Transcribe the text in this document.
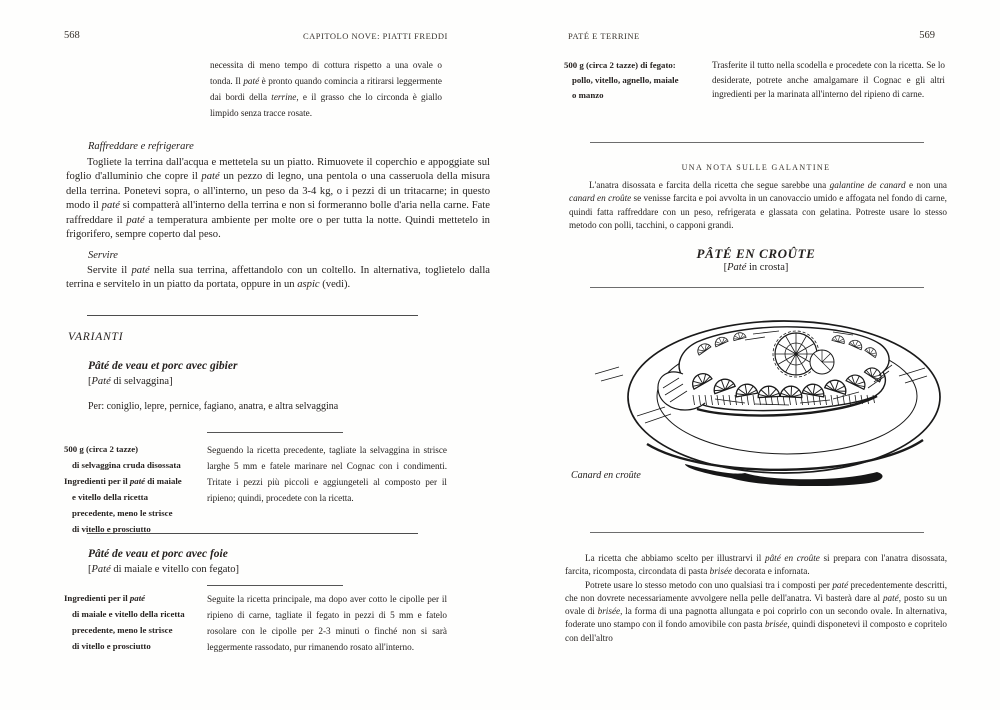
568	CAPITOLO NOVE: PIATTI FREDDI
necessita di meno tempo di cottura rispetto a una ovale o tonda. Il paté è pronto quando comincia a ritirarsi leggermente dai bordi della terrine, e il grasso che lo circonda è giallo limpido senza tracce rosate.
Raffreddare e refrigerare
Togliete la terrina dall'acqua e mettetela su un piatto. Rimuovete il coperchio e appoggiate sul foglio d'alluminio che copre il paté un pezzo di legno, una pentola o una casseruola della misura della terrina. Ponetevi sopra, o all'interno, un peso da 3-4 kg, o i pezzi di un tritacarne; in questo modo il paté si compatterà all'interno della terrina e non si formeranno bolle d'aria nella carne. Fate raffreddare il paté a temperatura ambiente per molte ore o per tutta la notte. Quindi mettetelo in frigorifero, sempre coperto dal peso.
Servire
Servite il paté nella sua terrina, affettandolo con un coltello. In alternativa, toglietelo dalla terrina e servitelo in un piatto da portata, oppure in un aspic (vedi).
VARIANTI
Pâté de veau et porc avec gibier
[Paté di selvaggina]
Per: coniglio, lepre, pernice, fagiano, anatra, e altra selvaggina
500 g (circa 2 tazze)
di selvaggina cruda disossata
Ingredienti per il paté di maiale
e vitello della ricetta
precedente, meno le strisce
di vitello e prosciutto
Seguendo la ricetta precedente, tagliate la selvaggina in strisce larghe 5 mm e fatele marinare nel Cognac con i condimenti. Tritate i pezzi più piccoli e aggiungeteli al composto per il ripieno; quindi, procedete con la ricetta.
Pâté de veau et porc avec foie
[Paté di maiale e vitello con fegato]
Ingredienti per il paté
di maiale e vitello della ricetta
precedente, meno le strisce
di vitello e prosciutto
Seguite la ricetta principale, ma dopo aver cotto le cipolle per il ripieno di carne, tagliate il fegato in pezzi di 5 mm e fatelo rosolare con le cipolle per 2-3 minuti o finché non si sarà leggermente rassodato, pur rimanendo rosato all'interno.
PATÉ E TERRINE	569
500 g (circa 2 tazze) di fegato:
pollo, vitello, agnello, maiale
o manzo
Trasferite il tutto nella scodella e procedete con la ricetta. Se lo desiderate, potrete anche amalgamare il Cognac e gli altri ingredienti per la marinata all'interno del ripieno di carne.
UNA NOTA SULLE GALANTINE
L'anatra disossata e farcita della ricetta che segue sarebbe una galantine de canard e non una canard en croûte se venisse farcita e poi avvolta in un canovaccio umido e affogata nel fondo di carne, quindi fatta raffreddare con un peso, refrigerata e glassata con gelatina. Potreste usare lo stesso metodo con polli, tacchini, o capponi grandi.
PÂTÉ EN CROÛTE
[Paté in crosta]
Canard en croûte

La ricetta che abbiamo scelto per illustrarvi il pâté en croûte si prepara con l'anatra disossata, farcita, ricomposta, circondata di pasta brisée decorata e infornata.

Potrete usare lo stesso metodo con uno qualsiasi tra i composti per paté precedentemente descritti, che non dovrete necessariamente avvolgere nella pelle dell'anatra. Vi basterà dare al paté, posto su un ovale di brisée, la forma di una pagnotta allungata e poi coprirlo con un secondo ovale. In alternativa, foderate uno stampo con il fondo amovibile con pasta brisée, quindi disponetevi il composto e copritelo con dell'altro
